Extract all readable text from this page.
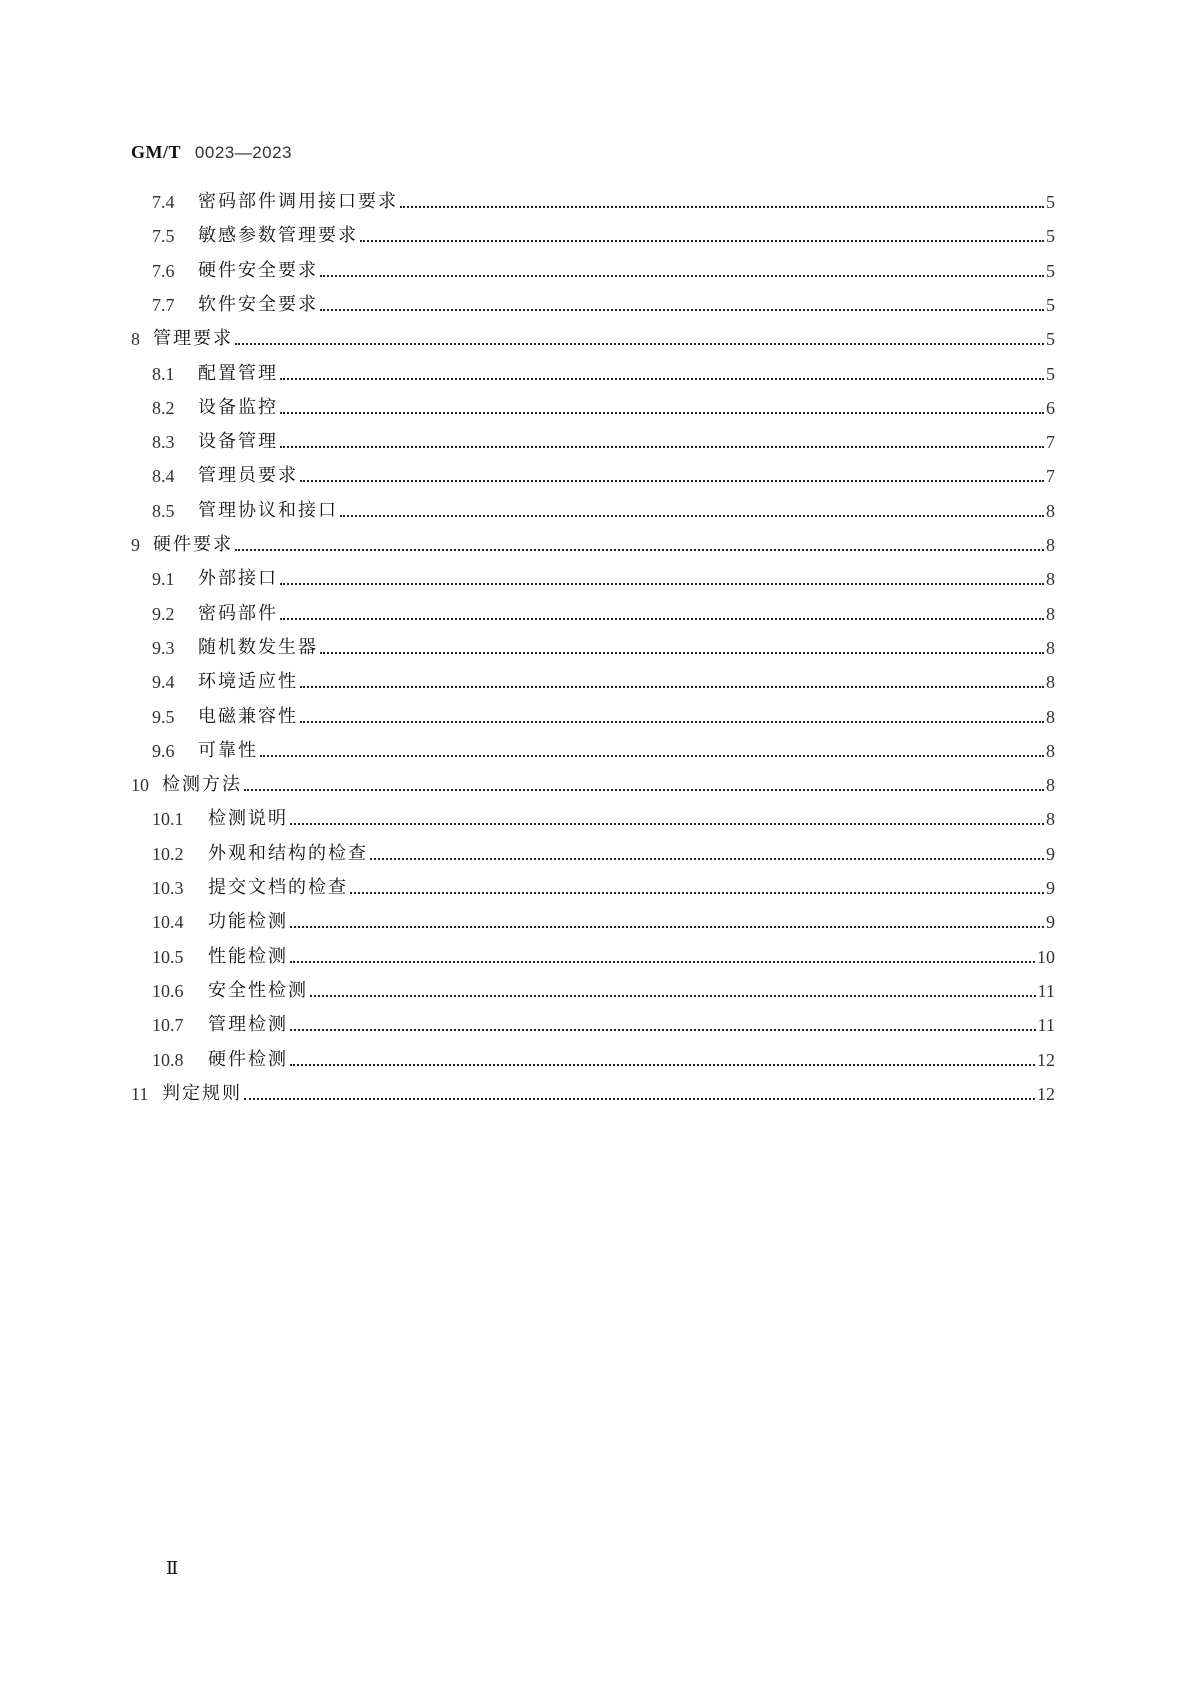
GM/T 0023—2023
7.4	密码部件调用接口要求	5
7.5	敏感参数管理要求	5
7.6	硬件安全要求	5
7.7	软件安全要求	5
8 管理要求	5
8.1	配置管理	5
8.2	设备监控	6
8.3	设备管理	7
8.4	管理员要求	7
8.5	管理协议和接口	8
9 硬件要求	8
9.1	外部接口	8
9.2	密码部件	8
9.3	随机数发生器	8
9.4	环境适应性	8
9.5	电磁兼容性	8
9.6	可靠性	8
10 检测方法	8
10.1	检测说明	8
10.2	外观和结构的检查	9
10.3	提交文档的检查	9
10.4	功能检测	9
10.5	性能检测	10
10.6	安全性检测	11
10.7	管理检测	11
10.8	硬件检测	12
11 判定规则	12
Ⅱ
